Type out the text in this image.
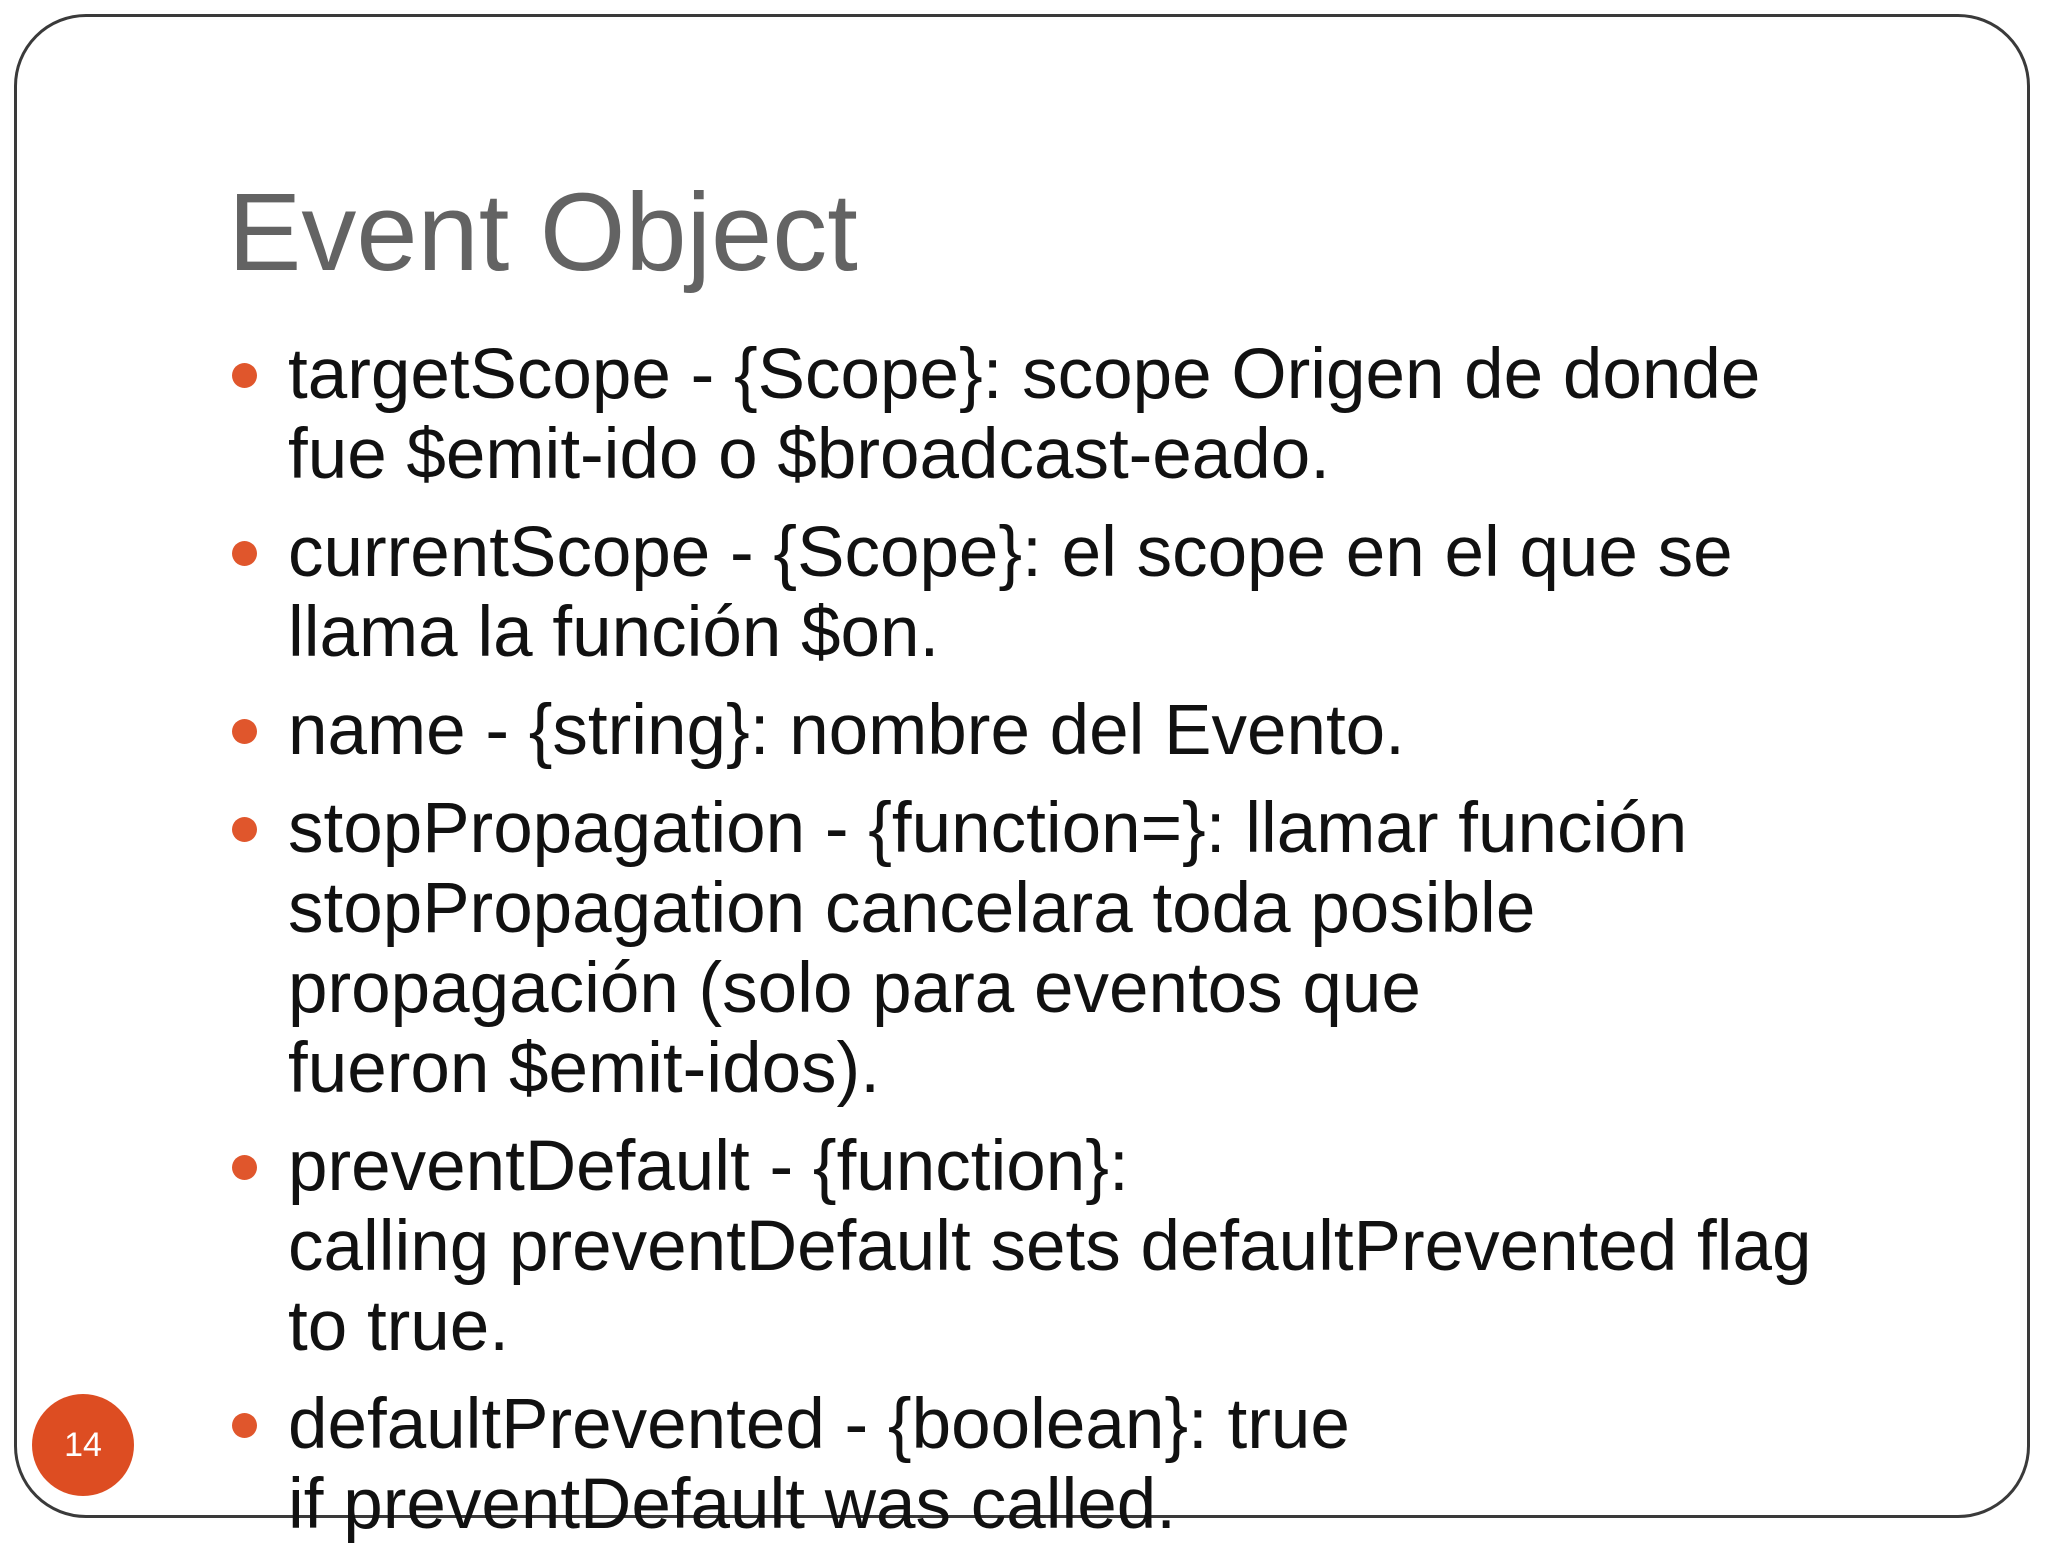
Event Object
targetScope - {Scope}: scope Origen de donde
fue $emit-ido o $broadcast-eado.
currentScope - {Scope}: el scope en el que se
llama la función $on.
name - {string}: nombre del Evento.
stopPropagation - {function=}: llamar función
stopPropagation cancelara toda posible
propagación (solo para eventos que
fueron $emit-idos).
preventDefault - {function}:
calling preventDefault sets defaultPrevented flag
to true.
defaultPrevented - {boolean}: true
if preventDefault was called.
14
